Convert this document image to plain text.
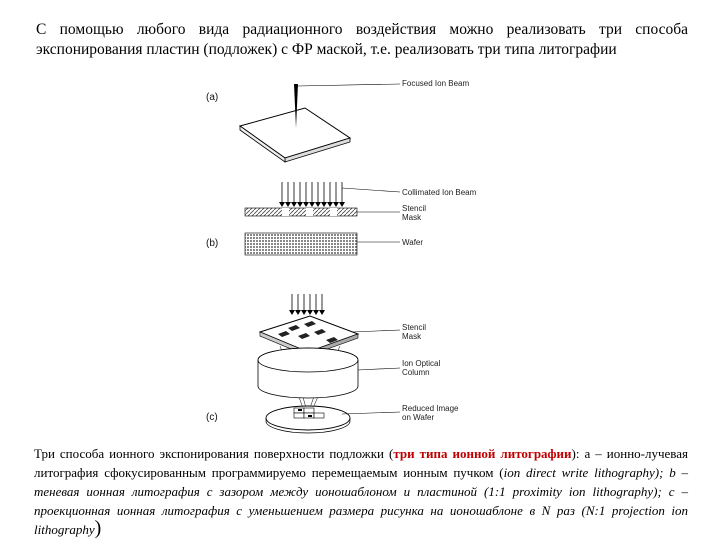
С помощью любого вида радиационного воздействия можно реализовать три способа
экспонирования пластин (подложек) с ФР маской, т.е. реализовать три типа литографии
(a)
Focused Ion Beam
Collimated Ion Beam
Stencil
Mask
Wafer
(b)
Stencil
Mask
Ion Optical
Column
Reduced Image
on Wafer
(c)
Три способа ионного экспонирования поверхности подложки (три типа ионной литографии): а – ионно-лучевая литография сфокусированным программируемо перемещаемым ионным пучком (ion direct write lithography); b – теневая ионная литография с зазором между ионошаблоном и пластиной (1:1 proximity ion lithography); с – проекционная ионная литография с уменьшением размера рисунка на ионошаблоне в N раз (N:1 projection ion lithography)
